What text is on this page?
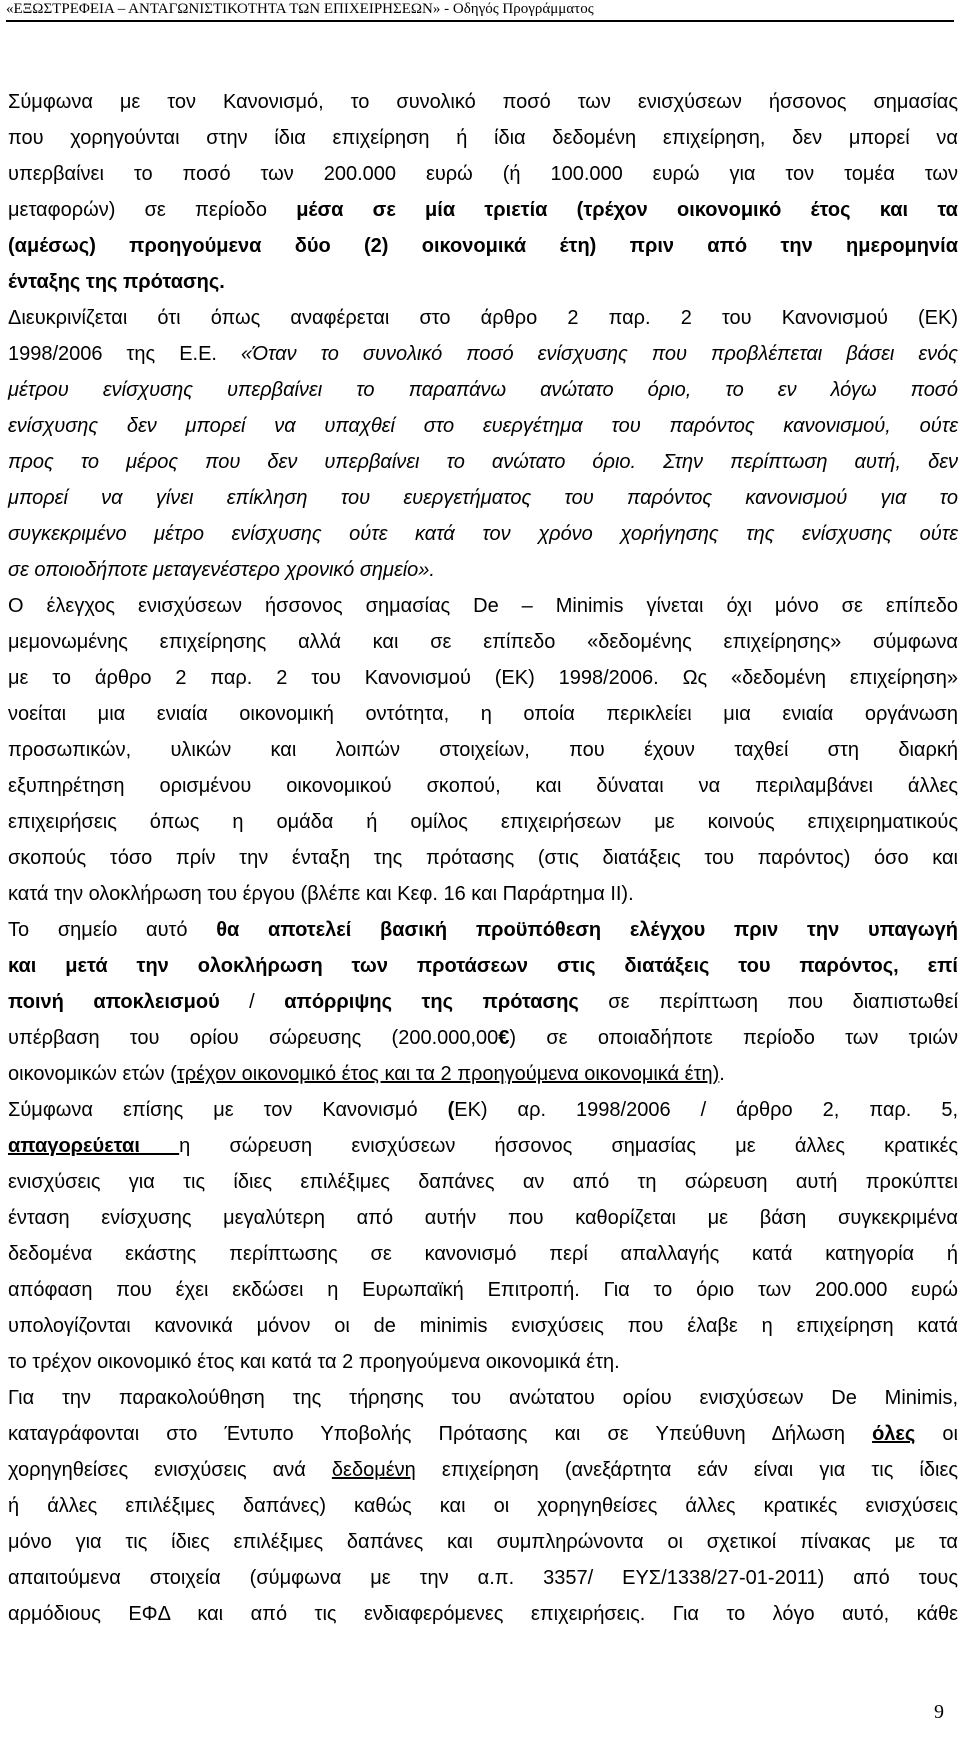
«ΕΞΩΣΤΡΕΦΕΙΑ – ΑΝΤΑΓΩΝΙΣΤΙΚΟΤΗΤΑ ΤΩΝ ΕΠΙΧΕΙΡΗΣΕΩΝ» - Οδηγός Προγράμματος
Σύμφωνα με τον Κανονισμό, το συνολικό ποσό των ενισχύσεων ήσσονος σημασίας
που χορηγούνται στην ίδια επιχείρηση ή ίδια δεδομένη επιχείρηση, δεν μπορεί να
υπερβαίνει το ποσό των 200.000 ευρώ (ή 100.000 ευρώ για τον τομέα των
μεταφορών) σε περίοδο μέσα σε μία τριετία (τρέχον οικονομικό έτος και τα
(αμέσως) προηγούμενα δύο (2) οικονομικά έτη) πριν από την ημερομηνία
ένταξης της πρότασης.
Διευκρινίζεται ότι όπως αναφέρεται στο άρθρο 2 παρ. 2 του Κανονισμού (ΕΚ)
1998/2006 της Ε.Ε. «Όταν το συνολικό ποσό ενίσχυσης που προβλέπεται βάσει ενός
μέτρου ενίσχυσης υπερβαίνει το παραπάνω ανώτατο όριο, το εν λόγω ποσό
ενίσχυσης δεν μπορεί να υπαχθεί στο ευεργέτημα του παρόντος κανονισμού, ούτε
προς το μέρος που δεν υπερβαίνει το ανώτατο όριο. Στην περίπτωση αυτή, δεν
μπορεί να γίνει επίκληση του ευεργετήματος του παρόντος κανονισμού για το
συγκεκριμένο μέτρο ενίσχυσης ούτε κατά τον χρόνο χορήγησης της ενίσχυσης ούτε
σε οποιοδήποτε μεταγενέστερο χρονικό σημείο».
Ο έλεγχος ενισχύσεων ήσσονος σημασίας De – Minimis γίνεται όχι μόνο σε επίπεδο
μεμονωμένης επιχείρησης αλλά και σε επίπεδο «δεδομένης επιχείρησης» σύμφωνα
με το άρθρο 2 παρ. 2 του Κανονισμού (ΕΚ) 1998/2006. Ως «δεδομένη επιχείρηση»
νοείται μια ενιαία οικονομική οντότητα, η οποία περικλείει μια ενιαία οργάνωση
προσωπικών, υλικών και λοιπών στοιχείων, που έχουν ταχθεί στη διαρκή
εξυπηρέτηση ορισμένου οικονομικού σκοπού, και δύναται να περιλαμβάνει άλλες
επιχειρήσεις όπως η ομάδα ή ομίλος επιχειρήσεων με κοινούς επιχειρηματικούς
σκοπούς τόσο πρίν την ένταξη της πρότασης (στις διατάξεις του παρόντος) όσο και
κατά την ολοκλήρωση του έργου (βλέπε και Κεφ. 16 και Παράρτημα ΙΙ).
Το σημείο αυτό θα αποτελεί βασική προϋπόθεση ελέγχου πριν την υπαγωγή
και μετά την ολοκλήρωση των προτάσεων στις διατάξεις του παρόντος, επί
ποινή αποκλεισμού / απόρριψης της πρότασης σε περίπτωση που διαπιστωθεί
υπέρβαση του ορίου σώρευσης (200.000,00€) σε οποιαδήποτε περίοδο των τριών
οικονομικών ετών (τρέχον οικονομικό έτος και τα 2 προηγούμενα οικονομικά έτη).
Σύμφωνα επίσης με τον Κανονισμό (ΕΚ) αρ. 1998/2006 / άρθρο 2, παρ. 5,
απαγορεύεται η σώρευση ενισχύσεων ήσσονος σημασίας με άλλες κρατικές
ενισχύσεις για τις ίδιες επιλέξιμες δαπάνες αν από τη σώρευση αυτή προκύπτει
ένταση ενίσχυσης μεγαλύτερη από αυτήν που καθορίζεται με βάση συγκεκριμένα
δεδομένα εκάστης περίπτωσης σε κανονισμό περί απαλλαγής κατά κατηγορία ή
απόφαση που έχει εκδώσει η Ευρωπαϊκή Επιτροπή. Για το όριο των 200.000 ευρώ
υπολογίζονται κανονικά μόνον οι de minimis ενισχύσεις που έλαβε η επιχείρηση κατά
το τρέχον οικονομικό έτος και κατά τα 2 προηγούμενα οικονομικά έτη.
Για την παρακολούθηση της τήρησης του ανώτατου ορίου ενισχύσεων De Minimis,
καταγράφονται στο Έντυπο Υποβολής Πρότασης και σε Υπεύθυνη Δήλωση όλες οι
χορηγηθείσες ενισχύσεις ανά δεδομένη επιχείρηση (ανεξάρτητα εάν είναι για τις ίδιες
ή άλλες επιλέξιμες δαπάνες) καθώς και οι χορηγηθείσες άλλες κρατικές ενισχύσεις
μόνο για τις ίδιες επιλέξιμες δαπάνες και συμπληρώνοντα οι σχετικοί πίνακας με τα
απαιτούμενα στοιχεία (σύμφωνα με την α.π. 3357/ ΕΥΣ/1338/27-01-2011) από τους
αρμόδιους ΕΦΔ και από τις ενδιαφερόμενες επιχειρήσεις. Για το λόγο αυτό, κάθε
9
